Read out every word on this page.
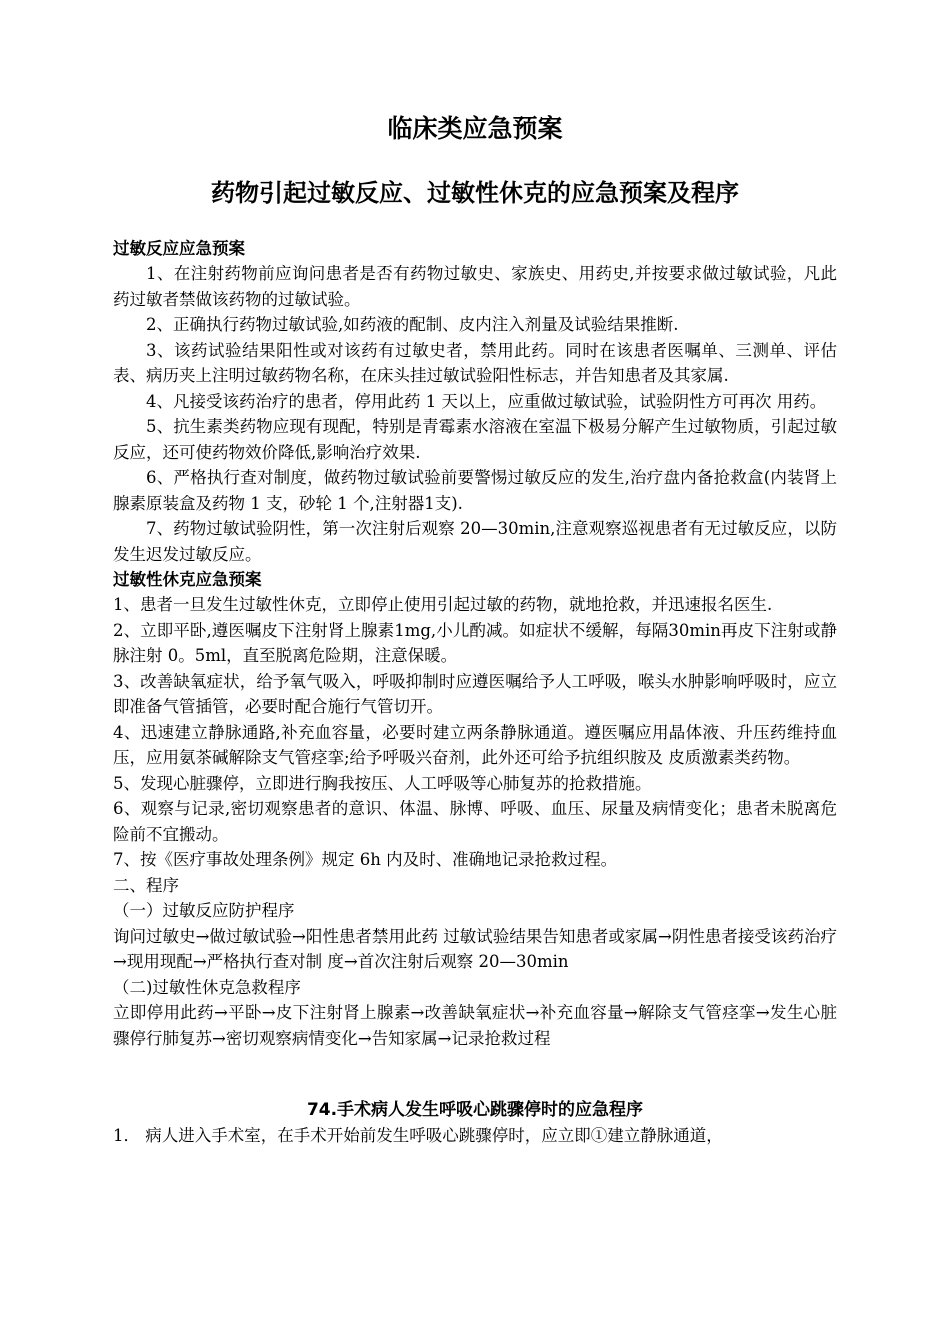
临床类应急预案
药物引起过敏反应、过敏性休克的应急预案及程序
过敏反应应急预案

1、在注射药物前应询问患者是否有药物过敏史、家族史、用药史,并按要求做过敏试验，凡此药过敏者禁做该药物的过敏试验。

2、正确执行药物过敏试验,如药液的配制、皮内注入剂量及试验结果推断.

3、该药试验结果阳性或对该药有过敏史者，禁用此药。同时在该患者医嘱单、三测单、评估表、病历夹上注明过敏药物名称，在床头挂过敏试验阳性标志，并告知患者及其家属.

4、凡接受该药治疗的患者，停用此药 1 天以上，应重做过敏试验，试验阴性方可再次 用药。

5、抗生素类药物应现有现配，特别是青霉素水溶液在室温下极易分解产生过敏物质，引起过敏反应，还可使药物效价降低,影响治疗效果.

6、严格执行查对制度，做药物过敏试验前要警惕过敏反应的发生,治疗盘内备抢救盒(内装肾上腺素原装盒及药物 1 支，砂轮 1 个,注射器1支).

7、药物过敏试验阴性，第一次注射后观察 20—30min,注意观察巡视患者有无过敏反应，以防发生迟发过敏反应。

过敏性休克应急预案

1、患者一旦发生过敏性休克，立即停止使用引起过敏的药物，就地抢救，并迅速报名医生.

2、立即平卧,遵医嘱皮下注射肾上腺素1mg,小儿酌减。如症状不缓解，每隔30min再皮下注射或静脉注射 0。5ml，直至脱离危险期，注意保暖。

3、改善缺氧症状，给予氧气吸入，呼吸抑制时应遵医嘱给予人工呼吸，喉头水肿影响呼吸时，应立即准备气管插管，必要时配合施行气管切开。

4、迅速建立静脉通路,补充血容量，必要时建立两条静脉通道。遵医嘱应用晶体液、升压药维持血压，应用氨茶碱解除支气管痉挛;给予呼吸兴奋剂，此外还可给予抗组织胺及 皮质激素类药物。

5、发现心脏骤停，立即进行胸我按压、人工呼吸等心肺复苏的抢救措施。

6、观察与记录,密切观察患者的意识、体温、脉博、呼吸、血压、尿量及病情变化；患者未脱离危险前不宜搬动。

7、按《医疗事故处理条例》规定 6h 内及时、准确地记录抢救过程。

二、程序

（一）过敏反应防护程序

询问过敏史→做过敏试验→阳性患者禁用此药 过敏试验结果告知患者或家属→阴性患者接受该药治疗→现用现配→严格执行查对制 度→首次注射后观察 20—30min

（二)过敏性休克急救程序

立即停用此药→平卧→皮下注射肾上腺素→改善缺氧症状→补充血容量→解除支气管痉挛→发生心脏骤停行肺复苏→密切观察病情变化→告知家属→记录抢救过程

74.手术病人发生呼吸心跳骤停时的应急程序

1． 病人进入手术室，在手术开始前发生呼吸心跳骤停时，应立即①建立静脉通道，
